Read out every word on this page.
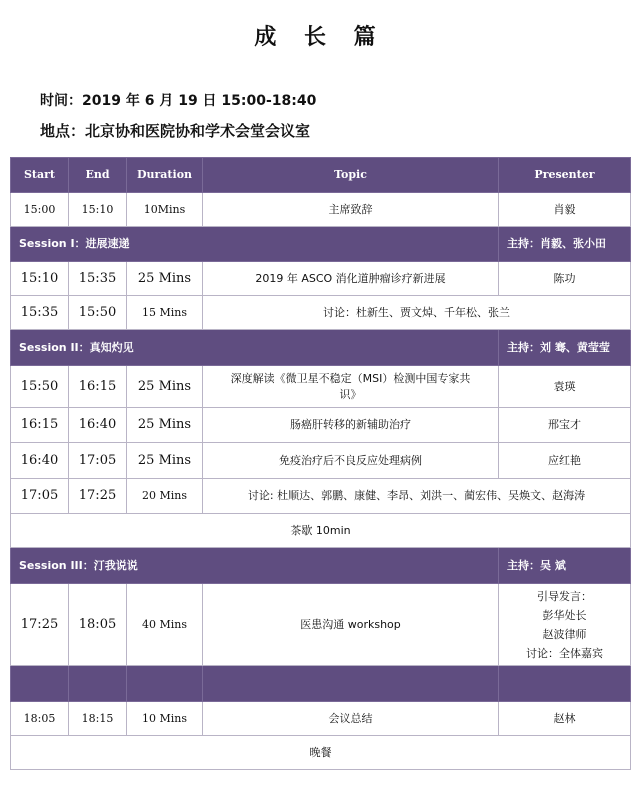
成 长 篇
时间：2019 年 6 月 19 日 15:00-18:40
地点：北京协和医院协和学术会堂会议室
Start	End	Duration	Topic	Presenter
15:00	15:10	10Mins	主席致辞	肖毅
Session I：进展速递				主持：肖毅、张小田
15:10	15:35	25 Mins	2019 年 ASCO 消化道肿瘤诊疗新进展	陈功
15:35	15:50	15 Mins	讨论：杜新生、贾文焯、千年松、张兰	
Session II：真知灼见				主持：刘 骞、黄莹莹
15:50	16:15	25 Mins	深度解读《微卫星不稳定（MSI）检测中国专家共识》	袁瑛
16:15	16:40	25 Mins	肠癌肝转移的新辅助治疗	邢宝才
16:40	17:05	25 Mins	免疫治疗后不良反应处理病例	应红艳
17:05	17:25	20 Mins	讨论: 杜顺达、郭鹏、康健、李昂、刘洪一、蔺宏伟、吴焕文、赵海涛	
茶歇 10min				
Session III：汀我说说				主持：吴 斌
17:25	18:05	40 Mins	医患沟通 workshop	引导发言：
彭华处长
赵波律师
讨论：全体嘉宾

18:05	18:15	10 Mins	会议总结	赵林
晚餐				
